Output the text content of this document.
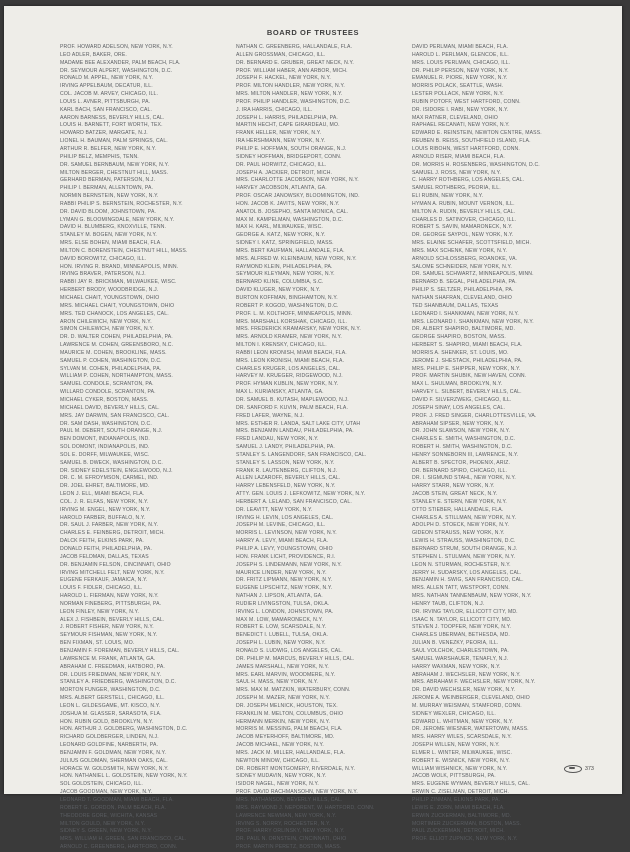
BOARD OF TRUSTEES
PROF. HOWARD ADELSON, NEW YORK, N.Y.
LEO ADLER, BAKER, ORE.
MADAME BEE ALEXANDER, PALM BEACH, FLA.
DR. SEYMOUR ALPERT, WASHINGTON, D.C.
RONALD M. APPEL, NEW YORK, N.Y.
IRVING APPELBAUM, DECATUR, ILL.
COL. JACOB M. ARVEY, CHICAGO, ILL.
LOUIS L. AVNER, PITTSBURGH, PA.
KARL BACH, SAN FRANCISCO, CAL.
AARON BARNESS, BEVERLY HILLS, CAL.
LOUIS H. BARNETT, FORT WORTH, TEX.
HOWARD BATZER, MARGATE, N.J.
LIONEL H. BAUMAN, PALM SPRINGS, CAL.
ARTHUR R. BELFER, NEW YORK, N.Y.
PHILIP BELZ, MEMPHIS, TENN.
DR. SAMUEL BERNBAUM, NEW YORK, N.Y.
MILTON BERGER, CHESTNUT HILL, MASS.
GERHARD BERMAN, PATERSON, N.J.
PHILIP I. BERMAN, ALLENTOWN, PA.
NORMIN BERNSTEIN, NEW YORK, N.Y.
RABBI PHILIP S. BERNSTEIN, ROCHESTER, N.Y.
DR. DAVID BLOOM, JOHNSTOWN, PA.
LYMAN G. BLOOMINGDALE, NEW YORK, N.Y.
DAVID H. BLUMBERG, KNOXVILLE, TENN.
STANLEY M. BOGEN, NEW YORK, N.Y.
MRS. ELSE BOHEN, MIAMI BEACH, FLA.
MILTON C. BORENSTEIN, CHESTNUT HILL, MASS.
DAVID BOROWITZ, CHICAGO, ILL.
HON. IRVING R. BRAND, MINNEAPOLIS, MINN.
IRVING BRAVER, PATERSON, N.J.
RABBI JAY R. BRICKMAN, MILWAUKEE, WISC.
HERBERT BRODY, WOODBRIDGE, N.J.
MICHAEL CHAIT, YOUNGSTOWN, OHIO
MRS. MICHAEL CHAIT, YOUNGSTOWN, OHIO
MRS. TED CHANOCK, LOS ANGELES, CAL.
ARON CHILEWICH, NEW YORK, N.Y.
SIMON CHILEWICH, NEW YORK, N.Y.
DR. D. WALTER COHEN, PHILADELPHIA, PA.
LAWRENCE M. COHEN, GREENSBORO, N.C.
MAURICE M. COHEN, BROOKLINE, MASS.
SAMUEL P. COHEN, WASHINGTON, D.C.
SYLVAN M. COHEN, PHILADELPHIA, PA.
WILLIAM P. COHEN, NORTHAMPTON, MASS.
SAMUEL CONDOLE, SCRANTON, PA.
WILLARD CONDOLE, SCRANTON, PA.
MICHAEL CYKER, BOSTON, MASS.
MICHAEL DAVID, BEVERLY HILLS, CAL.
MRS. JAY DARWIN, SAN FRANCISCO, CAL.
DR. SAM DASH, WASHINGTON, D.C.
PAUL M. DEBERT, SOUTH ORANGE, N.J.
BEN DOMONT, INDIANAPOLIS, IND.
SOL DOMONT, INDIANAPOLIS, IND.
SOL E. DORFF, MILWAUKEE, WISC.
SAMUEL B. DWECK, WASHINGTON, D.C.
DR. SIDNEY EDELSTEIN, ENGLEWOOD, N.J.
DR. C. M. EFROYMSON, CARMEL, IND.
DR. JOEL EHRET, BALTIMORE, MD.
LEON J. ELL, MIAMI BEACH, FLA.
COL. J. R. ELFAS, NEW YORK, N.Y.
IRVING M. ENGEL, NEW YORK, N.Y.
HAROLD FARBER, BUFFALO, N.Y.
DR. SAUL J. FARBER, NEW YORK, N.Y.
CHARLES E. FEINBERG, DETROIT, MICH.
DALCK FEITH, ELKINS PARK, PA.
DONALD FEITH, PHILADELPHIA, PA.
JACOB FELDMAN, DALLAS, TEXAS
DR. BENJAMIN FELSON, CINCINNATI, OHIO
IRVING MITCHELL FELT, NEW YORK, N.Y.
EUGENE FERKAUF, JAMAICA, N.Y.
LOUIS F. FIDLER, CHICAGO, ILL.
HAROLD L. FIERMAN, NEW YORK, N.Y.
NORMAN FINEBERG, PITTSBURGH, PA.
LEON FINLEY, NEW YORK, N.Y.
ALEX J. FISHBEIN, BEVERLY HILLS, CAL.
J. ROBERT FISHER, NEW YORK, N.Y.
SEYMOUR FISHMAN, NEW YORK, N.Y.
BEN FIXMAN, ST. LOUIS, MO.
BENJAMIN F. FOREMAN, BEVERLY HILLS, CAL.
LAWRENCE M. FRANK, ATLANTA, GA.
ABRAHAM C. FREEDMAN, HATBORO, PA.
DR. LOUIS FRIEDMAN, NEW YORK, N.Y.
STANLEY A. FRIEDBERG, WASHINGTON, D.C.
MORTON FUNGER, WASHINGTON, D.C.
MRS. ALBERT GERSTELL, CHICAGO, ILL.
LEON L. GILDESGAME, MT. KISCO, N.Y.
JOSHUA M. GLASSER, SARASOTA, FLA.
HON. RUBIN GOLD, BROOKLYN, N.Y.
HON. ARTHUR J. GOLDBERG, WASHINGTON, D.C.
RICHARD GOLDBERGER, LINDEN, N.J.
LEONARD GOLDFINE, NARBERTH, PA.
BENJAMIN F. GOLDMAN, NEW YORK, N.Y.
JULIUS GOLDMAN, SHERMAN OAKS, CAL.
HORACE W. GOLDSMITH, NEW YORK, N.Y.
HON. NATHANIEL L. GOLDSTEIN, NEW YORK, N.Y.
SOL GOLDSTEIN, CHICAGO, ILL.
JACOB GOODMAN, NEW YORK, N.Y.
LEONARD T. GOODMAN, MIAMI BEACH, FLA.
ROBERT G. GORDON, PALM BEACH, FLA.
THEODORE GORE, WICHITA, KANSAS
MILTON GOULD, NEW YORK, N.Y.
SIDNEY S. GREEN, NEW YORK, N.Y.
MRS. WILLIAM H. GREEN, SAN FRANCISCO, CAL.
ARNOLD C. GREENBERG, HARTFORD, CONN.
NATHAN C. GREENBERG, HALLANDALE, FLA.
ALLEN GROSSMAN, CHICAGO, ILL.
DR. BERNARD E. GRUBER, GREAT NECK, N.Y.
PROF. WILLIAM HABER, ANN ARBOR, MICH.
JOSEPH F. HACKEL, NEW YORK, N.Y.
PROF. MILTON HANDLER, NEW YORK, N.Y.
MRS. MILTON HANDLER, NEW YORK, N.Y.
PROF. PHILIP HANDLER, WASHINGTON, D.C.
J. IRA HARRIS, CHICAGO, ILL.
JOSEPH L. HARRIS, PHILADELPHIA, PA.
MARTIN HECHT, CAPE GIRARDEAU, MO.
FRANK HELLER, NEW YORK, N.Y.
IRA HERSHMANN, NEW YORK, N.Y.
PHILIP E. HOFFMAN, SOUTH ORANGE, N.J.
SIDNEY HOFFMAN, BRIDGEPORT, CONN.
DR. PAUL HORWITZ, CHICAGO, ILL.
JOSEPH A. JACKIER, DETROIT, MICH.
MRS. CHARLOTTE JACOBSON, NEW YORK, N.Y.
HARVEY JACOBSON, ATLANTA, GA.
PROF. OSCAR JANOWSKY, BLOOMINGTON, IND.
HON. JACOB K. JAVITS, NEW YORK, N.Y.
ANATOL B. JOSEPHO, SANTA MONICA, CAL.
MAX M. KAMPELMAN, WASHINGTON, D.C.
MAX H. KARL, MILWAUKEE, WISC.
GEORGE A. KATZ, NEW YORK, N.Y.
SIDNEY I. KATZ, SPRINGFIELD, MASS.
MRS. BERT KAUFMAN, HALLANDALE, FLA.
MRS. ALFRED W. KLEINBAUM, NEW YORK, N.Y.
RAYMOND KLEIN, PHILADELPHIA, PA.
SEYMOUR KLEYMAN, NEW YORK, N.Y.
BERNARD KLINE, COLUMBIA, S.C.
DAVID KLUGER, NEW YORK, N.Y.
BURTON KOFFMAN, BINGHAMTON, N.Y.
ROBERT P. KOGOD, WASHINGTON, D.C.
PROF. L. M. KOLTHOFF, MINNEAPOLIS, MINN.
MRS. MARSHALL KORSHAK, CHICAGO, ILL.
MRS. FREDERICK KRAMARSKY, NEW YORK, N.Y.
MRS. ARNOLD KRAMER, NEW YORK, N.Y.
MILTON I. KRENSKY, CHICAGO, ILL.
RABBI LEON KRONISH, MIAMI BEACH, FLA.
MRS. LEON KRONISH, MIAMI BEACH, FLA.
CHARLES KRUGER, LOS ANGELES, CAL.
HARVEY M. KRUEGER, RIDGEWOOD, N.J.
PROF. HYMAN KUBLIN, NEW YORK, N.Y.
MAX L. KURIANSKY, ATLANTA, GA.
DR. SAMUEL B. KUTASH, MAPLEWOOD, N.J.
DR. SANFORD F. KUVIN, PALM BEACH, FLA.
FRED LAFER, WAYNE, N.J.
MRS. ESTHER R. LANDA, SALT LAKE CITY, UTAH
MRS. BENJAMIN LANDAU, PHILADELPHIA, PA.
FRED LANDAU, NEW YORK, N.Y.
SAMUEL J. LANDY, PHILADELPHIA, PA.
STANLEY S. LANGENDORF, SAN FRANCISCO, CAL.
STANLEY S. LASSON, NEW YORK, N.Y.
FRANK R. LAUTENBERG, CLIFTON, N.J.
ALLEN LAZAROFF, BEVERLY HILLS, CAL.
HARRY LEBENSFELD, NEW YORK, N.Y.
ATTY. GEN. LOUIS J. LEFKOWITZ, NEW YORK, N.Y.
HERBERT A. LELAND, SAN FRANCISCO, CAL.
DR. LEAVITT, NEW YORK, N.Y.
IRVING H. LEVIN, LOS ANGELES, CAL.
JOSEPH M. LEVINE, CHICAGO, ILL.
MORRIS L. LEVINSON, NEW YORK, N.Y.
HARRY A. LEVY, MIAMI BEACH, FLA.
PHILIP A. LEVY, YOUNGSTOWN, OHIO
HON. FRANK LICHT, PROVIDENCE, R.I.
JOSEPH S. LINDEMANN, NEW YORK, N.Y.
MAURICE LINDER, NEW YORK, N.Y.
DR. FRITZ LIPMANN, NEW YORK, N.Y.
EUGENE LIPSCHITZ, NEW YORK, N.Y.
NATHAN J. LIPSON, ATLANTA, GA.
RUDIER LIVINGSTON, TULSA, OKLA.
IRVING L. LONDON, JOHNSTOWN, PA.
MAX M. LOW, MAMARONECK, N.Y.
ROBERT E. LOW, SCARSDALE, N.Y.
BENEDICT I. LUBELL, TULSA, OKLA.
JOSEPH L. LUBIN, NEW YORK, N.Y.
RONALD S. LUDWIG, LOS ANGELES, CAL.
DR. PHILIP M. MARCUS, BEVERLY HILLS, CAL.
JAMES MARSHALL, NEW YORK, N.Y.
MRS. EARL MARVIN, WOODMERE, N.Y.
SAUL H. MASS, NEW YORK, N.Y.
MRS. MAX M. MATZKIN, WATERBURY, CONN.
JOSEPH M. MAZER, NEW YORK, N.Y.
DR. JOSEPH MELNICK, HOUSTON, TEX.
FRANKLIN M. MELTON, COLUMBUS, OHIO
HERMANN MERKIN, NEW YORK, N.Y.
MORRIS M. MESSING, PALM BEACH, FLA.
JACOB MEYERHOFF, BALTIMORE, MD.
JACOB MICHAEL, NEW YORK, N.Y.
MRS. JACK M. MILLER, HALLANDALE, FLA.
NEWTON MINOW, CHICAGO, ILL.
DR. ROBERT MONTGOMERY, RIVERDALE, N.Y.
SIDNEY MUDAVIN, NEW YORK, N.Y.
ISIDOR NAGEL, NEW YORK, N.Y.
PROF. DAVID RACHMANSOHN, NEW YORK, N.Y.
MRS. NATHANSON, BEVERLY HILLS, CAL.
MRS. RAYMOND J. NEPORENT, W. HARTFORD, CONN.
LAWRENCE NEWMAN, NEW YORK, N.Y.
IRVING S. NORRY, ROCHESTER, N.Y.
PROF. HARRY ORLINSKY, NEW YORK, N.Y.
DR. PAUL N. ORNSTEIN, CINCINNATI, OHIO
PROF. MARTIN PERETZ, BOSTON, MASS.
DAVID PERLMAN, MIAMI BEACH, FLA.
HAROLD L. PERLMAN, GLENCOE, ILL.
MRS. LOUIS PERLMAN, CHICAGO, ILL.
DR. PHILIP PERSON, NEW YORK, N.Y.
EMANUEL R. PIORE, NEW YORK, N.Y.
MORRIS POLACK, SEATTLE, WASH.
LESTER POLLACK, NEW YORK, N.Y.
RUBIN POTOFF, WEST HARTFORD, CONN.
DR. ISIDORE I. RABI, NEW YORK, N.Y.
MAX RATNER, CLEVELAND, OHIO
RAPHAEL RECANATI, NEW YORK, N.Y.
EDWARD E. REINSTEIN, NEWTON CENTRE, MASS.
REUBEN B. REISS, SOUTHFIELD ISLAND, FLA.
LOUIS RIBOHN, WEST HARTFORD, CONN.
ARNOLD RISER, MIAMI BEACH, FLA.
DR. MORRIS H. ROSENBERG, WASHINGTON, D.C.
SAMUEL J. ROSS, NEW YORK, N.Y.
C. HARRY ROTHBERG, LOS ANGELES, CAL.
SAMUEL ROTHBERG, PEORIA, ILL.
ELI RUBIN, NEW YORK, N.Y.
HYMAN A. RUBIN, MOUNT VERNON, ILL.
MILTON A. RUDIN, BEVERLY HILLS, CAL.
CHARLES D. SATINOVER, CHICAGO, ILL.
ROBERT S. SAVIN, MAMARONECK, N.Y.
DR. GEORGE SAYPOL, NEW YORK, N.Y.
MRS. ELAINE SCHAFER, SCOTTSFIELD, MICH.
MRS. MAX SCHENK, NEW YORK, N.Y.
ARNOLD SCHLOSSBERG, ROANOKE, VA.
SALOME SCHNEIDER, NEW YORK, N.Y.
DR. SAMUEL SCHWARTZ, MINNEAPOLIS, MINN.
BERNARD B. SEGAL, PHILADELPHIA, PA.
PHILIP S. SELTZER, PHILADELPHIA, PA.
NATHAN SHAFRAN, CLEVELAND, OHIO
TED SHANBAUM, DALLAS, TEXAS
LEONARD I. SHANKMAN, NEW YORK, N.Y.
MRS. LEONARD I. SHANKMAN, NEW YORK, N.Y.
DR. ALBERT SHAPIRO, BALTIMORE, MD.
GEORGE SHAPIRO, BOSTON, MASS.
HERBERT S. SHAPIRO, MIAMI BEACH, FLA.
MORRIS A. SHENKER, ST. LOUIS, MO.
JEROME J. SHESTACK, PHILADELPHIA, PA.
MRS. PHILIP E. SHIPPER, NEW YORK, N.Y.
PROF. MARTIN SHUBIK, NEW HAVEN, CONN.
MAX L. SHULMAN, BROOKLYN, N.Y.
HARVEY L. SILBERT, BEVERLY HILLS, CAL.
DAVID F. SILVERZWEIG, CHICAGO, ILL.
JOSEPH SINAY, LOS ANGELES, CAL.
PROF. J. FRED SINGER, CHARLOTTESVILLE, VA.
ABRAHAM SIPSER, NEW YORK, N.Y.
DR. JOHN SLAWSON, NEW YORK, N.Y.
CHARLES E. SMITH, WASHINGTON, D.C.
ROBERT H. SMITH, WASHINGTON, D.C.
HENRY SONNEBORN III, LAWRENCE, N.Y.
ALBERT B. SPECTOR, PHOENIX, ARIZ.
DR. BERNARD SPIRO, CHICAGO, ILL.
DR. I. SIGMUND STAHL, NEW YORK, N.Y.
HARRY STARR, NEW YORK, N.Y.
JACOB STEIN, GREAT NECK, N.Y.
STANLEY E. STERN, NEW YORK, N.Y.
OTTO STIEBER, HALLANDALE, FLA.
CHARLES A. STILLMAN, NEW YORK, N.Y.
ADOLPH D. STOECK, NEW YORK, N.Y.
GIDEON STRAUSS, NEW YORK, N.Y.
LEWIS H. STRAUSS, WASHINGTON, D.C.
BERNARD STRUM, SOUTH ORANGE, N.J.
STEPHEN L. STULMAN, NEW YORK, N.Y.
LEON N. STURMAN, ROCHESTER, N.Y.
JERRY H. SUDARSKY, LOS ANGELES, CAL.
BENJAMIN H. SWIG, SAN FRANCISCO, CAL.
MRS. ALLEN TATT, WESTPORT, CONN.
MRS. NATHAN TANNENBAUM, NEW YORK, N.Y.
HENRY TAUB, CLIFTON, N.J.
DR. IRVING TAYLOR, ELLICOTT CITY, MD.
ISAAC N. TAYLOR, ELLICOTT CITY, MD.
STEVEN J. TOOPFER, NEW YORK, N.Y.
CHARLES UBERMAN, BETHESDA, MD.
JULIAN B. VENEZKY, PEORIA, ILL.
SAUL VOLCHOK, CHARLESTOWN, PA.
SAMUEL WARSHAUER, TENAFLY, N.J.
HARRY WAXMAN, NEW YORK, N.Y.
ABRAHAM J. WECHSLER, NEW YORK, N.Y.
MRS. ABRAHAM F. WECHSLER, NEW YORK, N.Y.
DR. DAVID WECHSLER, NEW YORK, N.Y.
JEROME A. WEINBERGER, CLEVELAND, OHIO
M. MURRAY WEISMAN, STAMFORD, CONN.
SIDNEY WEXLER, CHICAGO, ILL.
EDWARD L. WHITMAN, NEW YORK, N.Y.
DR. JEROME WIESNER, WATERTOWN, MASS.
MRS. HARRY WILES, SCARSDALE, N.Y.
JOSEPH WILLEN, NEW YORK, N.Y.
ELMER L. WINTER, MILWAUKEE, WISC.
ROBERT E. WISNICK, NEW YORK, N.Y.
WILLIAM WISHNICK, NEW YORK, N.Y.
JACOB WOLK, PITTSBURGH, PA.
MRS. EUGENE WYMAN, BEVERLY HILLS, CAL.
ERWIN C. ZISELMAN, DETROIT, MICH.
PHILIP ZINMAN, ELKINS PARK, PA.
LEWIS E. ZORN, MIAMI BEACH, FLA.
ERWIN ZUCKERMAN, BALTIMORE, MD.
MORTIMER ZUCKERMAN, BOSTON, MASS.
PAUL ZUCKERMAN, DETROIT, MICH.
PROF. ELLIOT ZUPNICK, NEW YORK, N.Y.
373
